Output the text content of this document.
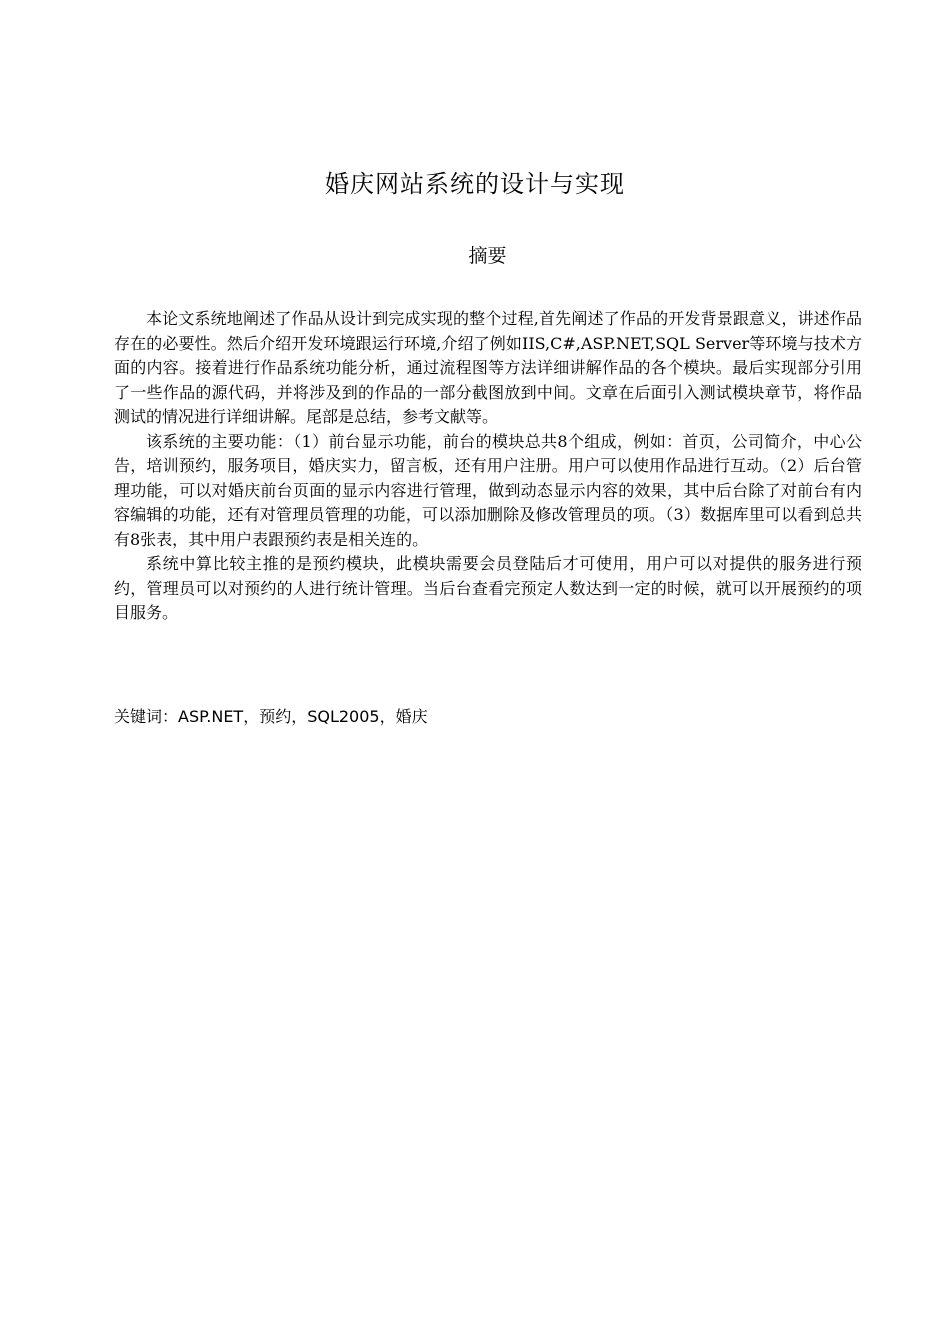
婚庆网站系统的设计与实现
摘要

本论文系统地阐述了作品从设计到完成实现的整个过程,首先阐述了作品的开发背景跟意义，讲述作品存在的必要性。然后介绍开发环境跟运行环境,介绍了例如IIS,C#,ASP.NET,SQL Server等环境与技术方面的内容。接着进行作品系统功能分析，通过流程图等方法详细讲解作品的各个模块。最后实现部分引用了一些作品的源代码，并将涉及到的作品的一部分截图放到中间。文章在后面引入测试模块章节，将作品测试的情况进行详细讲解。尾部是总结，参考文献等。

该系统的主要功能：（1）前台显示功能，前台的模块总共8个组成，例如：首页，公司简介，中心公告，培训预约，服务项目，婚庆实力，留言板，还有用户注册。用户可以使用作品进行互动。（2）后台管理功能，可以对婚庆前台页面的显示内容进行管理，做到动态显示内容的效果，其中后台除了对前台有内容编辑的功能，还有对管理员管理的功能，可以添加删除及修改管理员的项。（3）数据库里可以看到总共有8张表，其中用户表跟预约表是相关连的。

系统中算比较主推的是预约模块，此模块需要会员登陆后才可使用，用户可以对提供的服务进行预约，管理员可以对预约的人进行统计管理。当后台查看完预定人数达到一定的时候，就可以开展预约的项目服务。

关键词：ASP.NET，预约，SQL2005，婚庆
